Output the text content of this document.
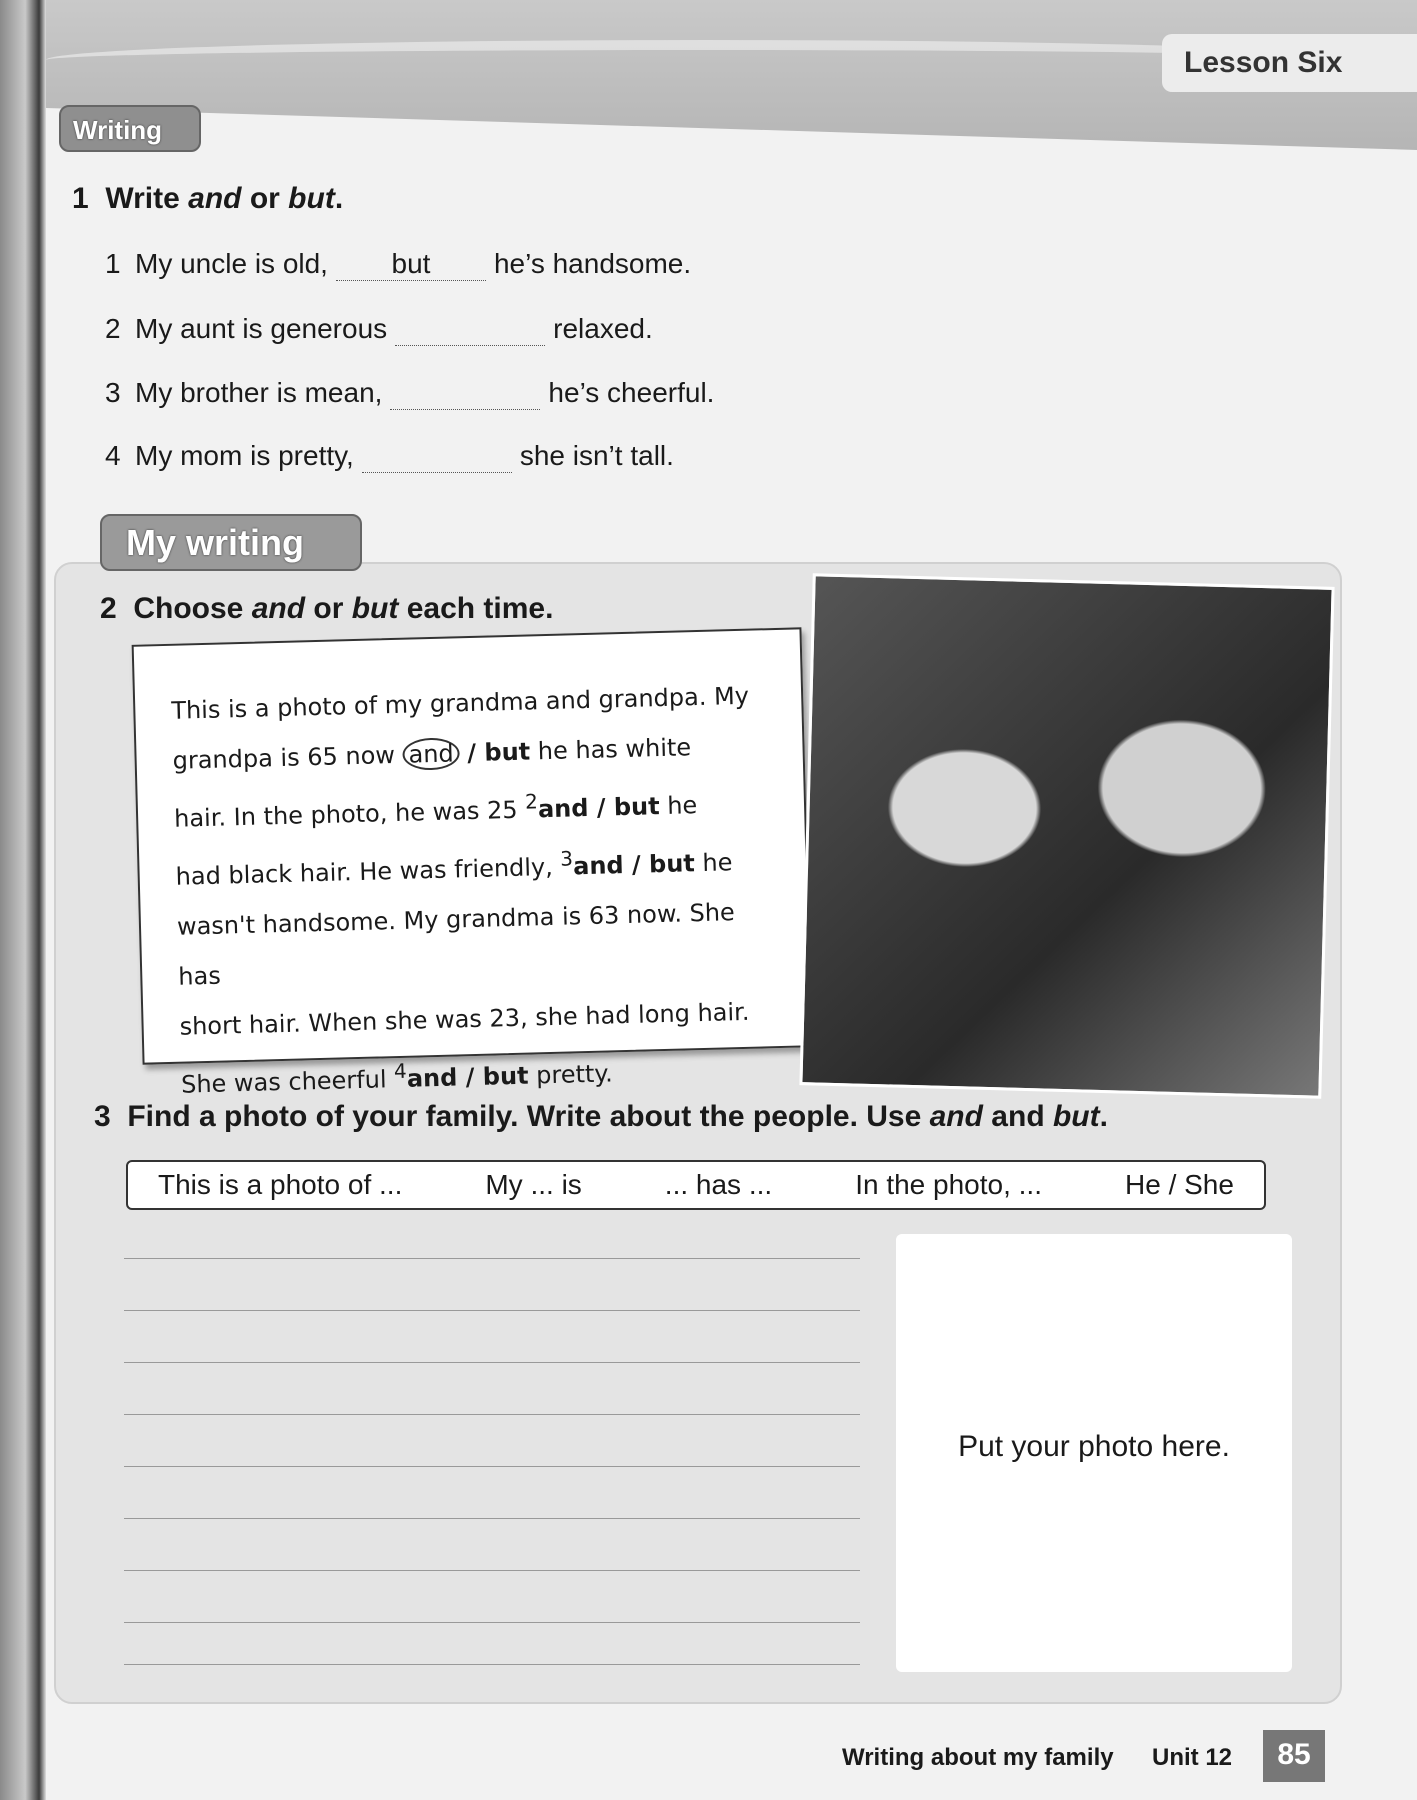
Lesson Six
Writing
1 Write and or but.
1 My uncle is old, but he’s handsome.
2 My aunt is generous	relaxed.
3 My brother is mean,	he’s cheerful.
4 My mom is pretty,	she isn’t tall.
My writing
2 Choose and or but each time.
This is a photo of my grandma and grandpa. My
grandpa is 65 now and / but he has white
hair. In the photo, he was 25 $^2$and / but he
had black hair. He was friendly, $^3$and / but he
wasn't handsome. My grandma is 63 now. She has
short hair. When she was 23, she had long hair.
She was cheerful $^4$and / but pretty.
3 Find a photo of your family. Write about the people. Use and and but.
This is a photo of ...	My ... is	... has ...	In the photo, ...	He / She
Put your photo here.
Writing about my family Unit 12	85
